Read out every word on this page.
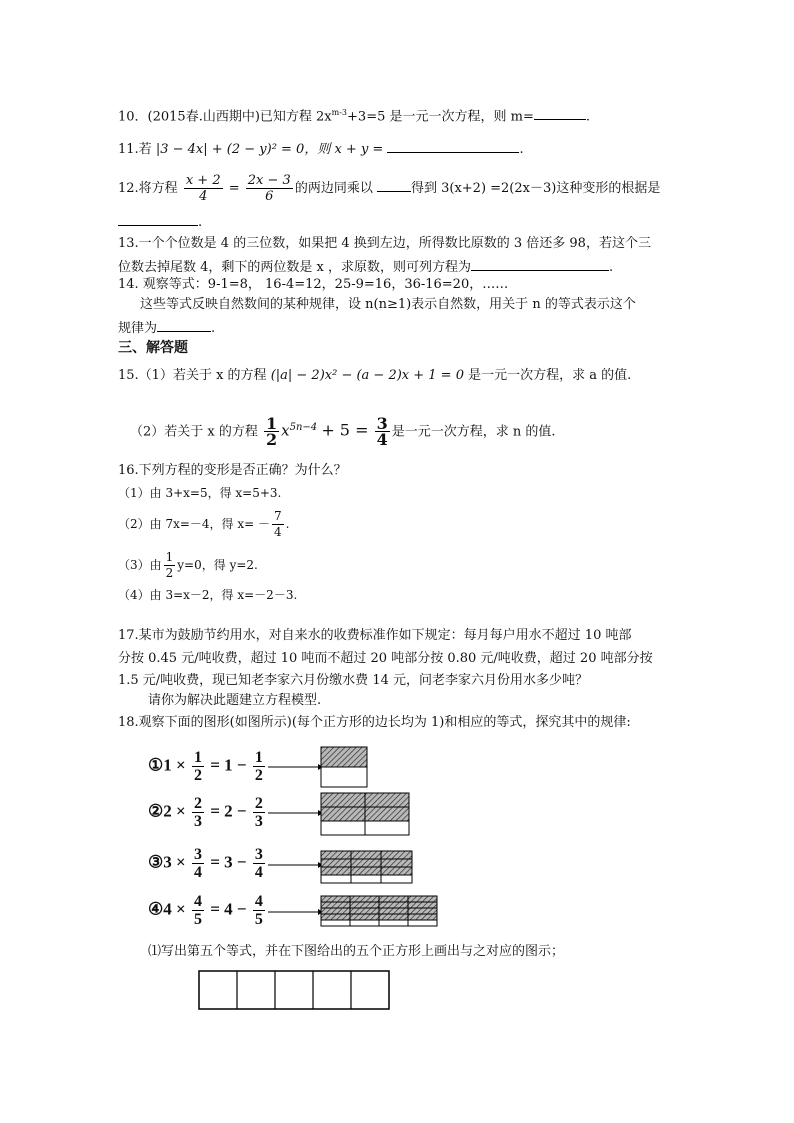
10．(2015春.山西期中)已知方程 $2x^{m-3}+3=5$ 是一元一次方程，则 m=	.
11.若 |3 − 4x| + (2 − y)² = 0，则 x + y =	.
12.将方程 $\frac{x + 2}{4} = \frac{2x - 3}{6}$ 的两边同乘以	得到 3(x+2) =2(2x－3)这种变形的根据是
.
13.一个个位数是 4 的三位数，如果把 4 换到左边，所得数比原数的 3 倍还多 98，若这个三
位数去掉尾数 4，剩下的两位数是 x ，求原数，则可列方程为	.
14. 观察等式：9-1=8， 16-4=12，25-9=16，36-16=20，……
这些等式反映自然数间的某种规律，设 n(n≥1)表示自然数，用关于 n 的等式表示这个
规律为	.
三、解答题
15.（1）若关于 x 的方程 (|a| − 2)x² − (a − 2)x + 1 = 0 是一元一次方程，求 a 的值.
（2）若关于 x 的方程 $\frac{1}{2} x^{5n-4} + 5 = \frac{3}{4}$ 是一元一次方程，求 n 的值.
16.下列方程的变形是否正确？为什么？
（1）由 3+x=5，得 x=5+3.
（2）由 7x=－4，得 $x= - \frac{7}{4}$ .
（3）由 $\frac{1}{2} y=0$，得 y=2.
（4）由 3=x－2，得 x=－2－3.
17.某市为鼓励节约用水，对自来水的收费标准作如下规定：每月每户用水不超过 10 吨部
分按 0.45 元/吨收费，超过 10 吨而不超过 20 吨部分按 0.80 元/吨收费，超过 20 吨部分按
1.5 元/吨收费，现已知老李家六月份缴水费 14 元，问老李家六月份用水多少吨？
请你为解决此题建立方程模型.
18.观察下面的图形(如图所示)(每个正方形的边长均为 1)和相应的等式，探究其中的规律:
①1 × $\frac{1}{2} = 1 - \frac{1}{2}$
②2 × $\frac{2}{3} = 2 - \frac{2}{3}$
③3 × $\frac{3}{4} = 3 - \frac{3}{4}$
④4 × $\frac{4}{5} = 4 - \frac{4}{5}$
⑴写出第五个等式，并在下图给出的五个正方形上画出与之对应的图示；
